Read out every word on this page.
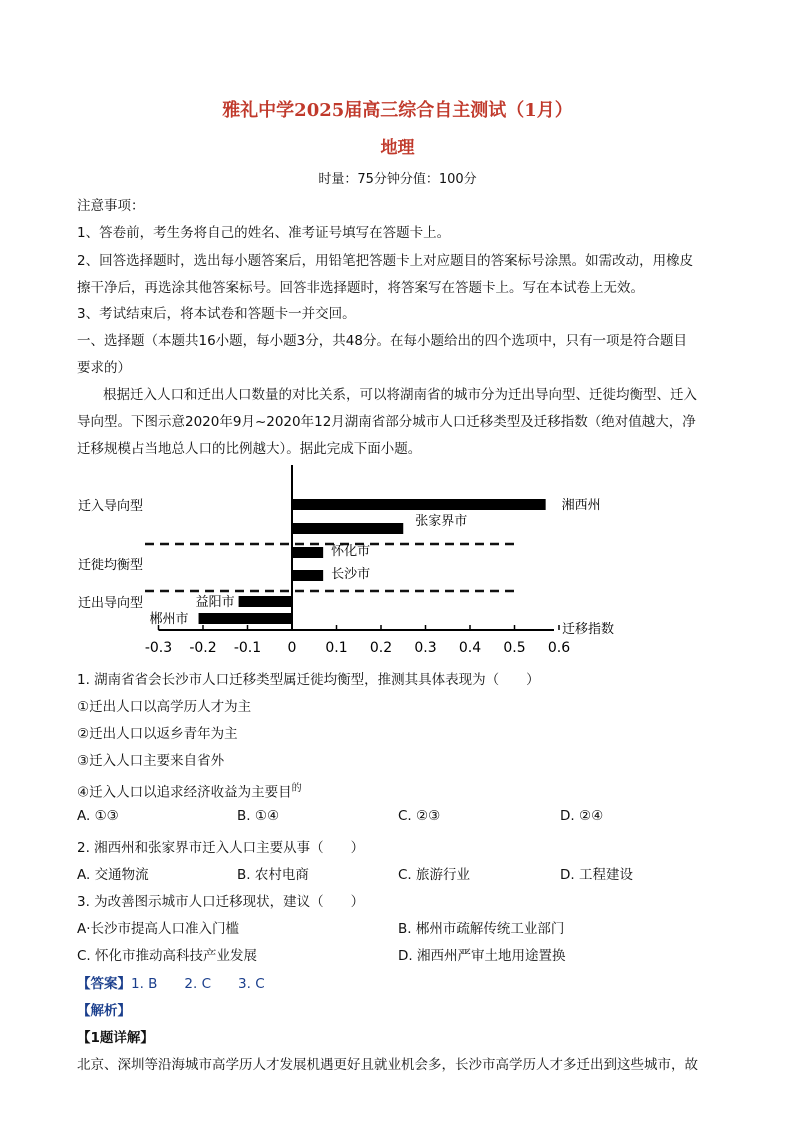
雅礼中学2025届高三综合自主测试（1月）
地理
时量：75分钟分值：100分
注意事项：
1、答卷前，考生务将自己的姓名、准考证号填写在答题卡上。
2、回答选择题时，选出每小题答案后，用铅笔把答题卡上对应题目的答案标号涂黑。如需改动，用橡皮
擦干净后，再选涂其他答案标号。回答非选择题时，将答案写在答题卡上。写在本试卷上无效。
3、考试结束后，将本试卷和答题卡一并交回。
一、选择题（本题共16小题，每小题3分，共48分。在每小题给出的四个选项中，只有一项是符合题目
要求的）
根据迁入人口和迁出人口数量的对比关系，可以将湖南省的城市分为迁出导向型、迁徙均衡型、迁入
导向型。下图示意2020年9月~2020年12月湖南省部分城市人口迁移类型及迁移指数（绝对值越大，净
迁移规模占当地总人口的比例越大）。据此完成下面小题。
迁入导向型
迁徙均衡型
迁出导向型
湘西州
张家界市
怀化市
长沙市
益阳市
郴州市
-0.3 -0.2 -0.1 0 0.1 0.2 0.3 0.4 0.5 0.6
迁移指数
1. 湖南省省会长沙市人口迁移类型属迁徙均衡型，推测其具体表现为（　　）
①迁出人口以高学历人才为主
②迁出人口以返乡青年为主
③迁入人口主要来自省外
④迁入人口以追求经济收益为主要目$^的$
A. ①③	B. ①④	C. ②③	D. ②④
2. 湘西州和张家界市迁入人口主要从事（　　）
A. 交通物流	B. 农村电商	C. 旅游行业	D. 工程建设
3. 为改善图示城市人口迁移现状，建议（　　）
A·长沙市提高人口准入门槛	B. 郴州市疏解传统工业部门
C. 怀化市推动高科技产业发展	D. 湘西州严审土地用途置换
【答案】1. B　　2. C　　3. C
【解析】
【1题详解】
北京、深圳等沿海城市高学历人才发展机遇更好且就业机会多，长沙市高学历人才多迁出到这些城市，故
